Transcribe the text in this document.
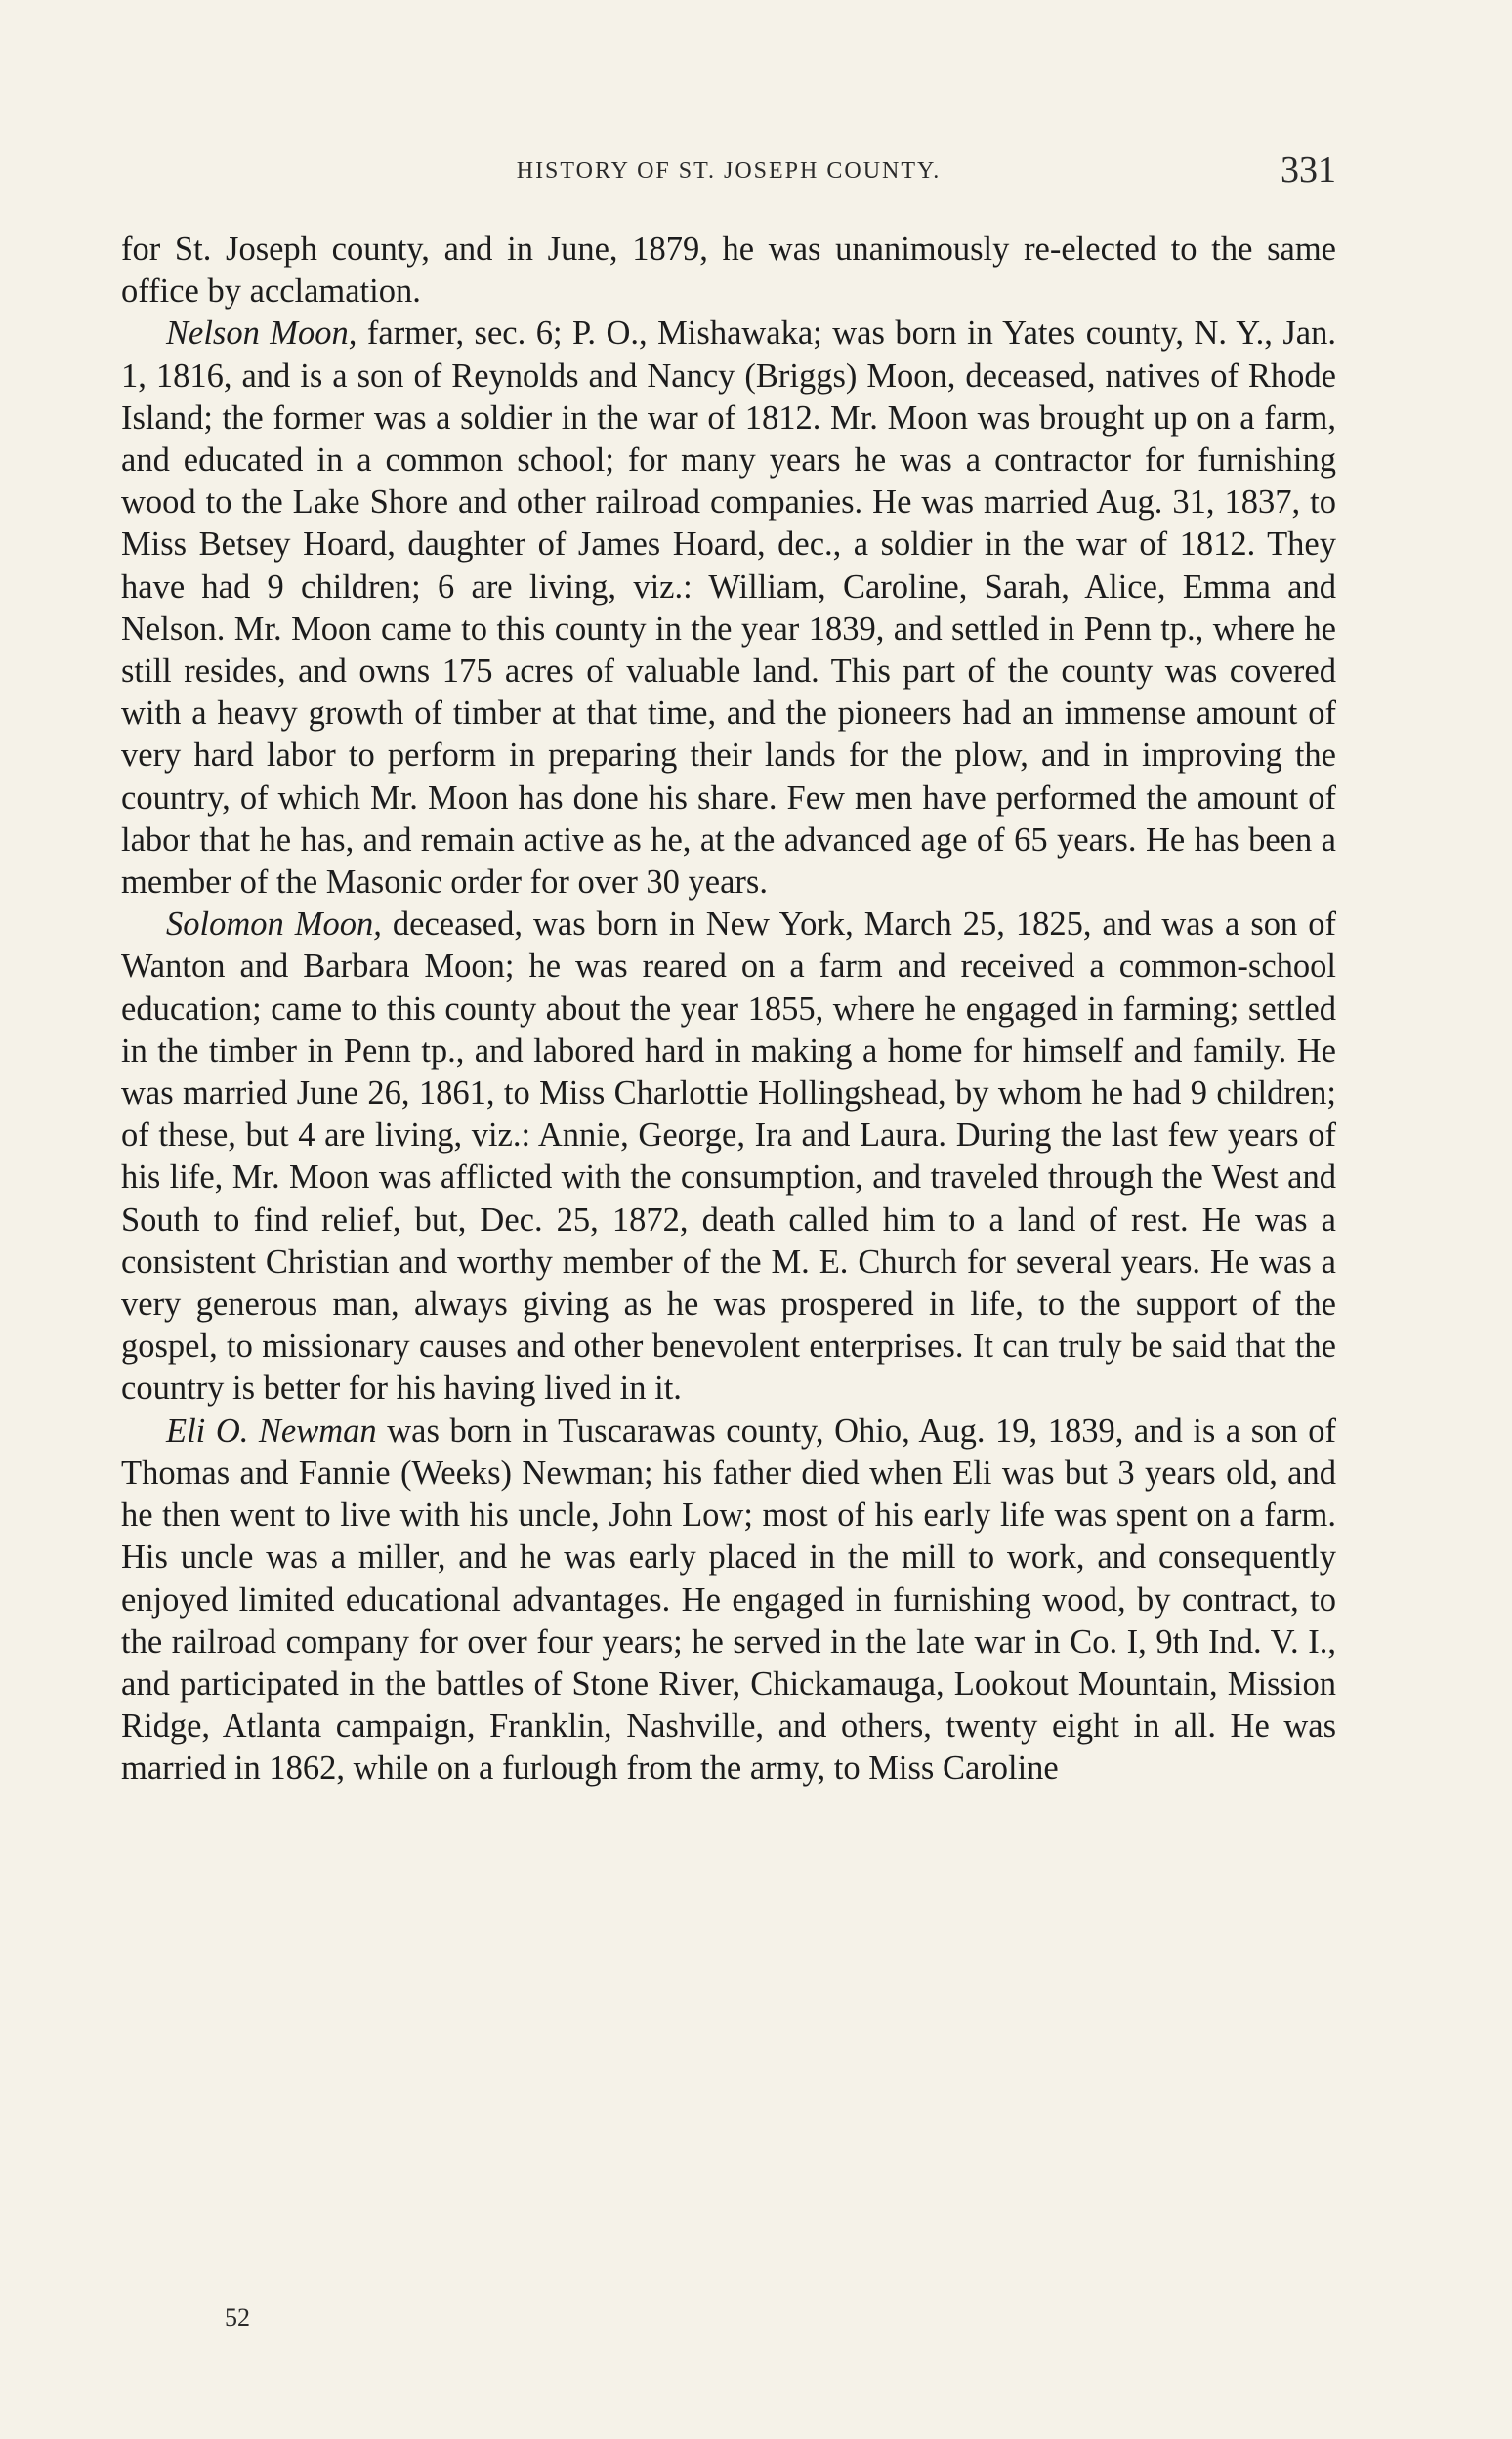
HISTORY OF ST. JOSEPH COUNTY.	331

for St. Joseph county, and in June, 1879, he was unanimously re-elected to the same office by acclamation.

Nelson Moon, farmer, sec. 6; P. O., Mishawaka; was born in Yates county, N. Y., Jan. 1, 1816, and is a son of Reynolds and Nancy (Briggs) Moon, deceased, natives of Rhode Island; the former was a soldier in the war of 1812. Mr. Moon was brought up on a farm, and educated in a common school; for many years he was a contractor for furnishing wood to the Lake Shore and other railroad companies. He was married Aug. 31, 1837, to Miss Betsey Hoard, daughter of James Hoard, dec., a soldier in the war of 1812. They have had 9 children; 6 are living, viz.: William, Caroline, Sarah, Alice, Emma and Nelson. Mr. Moon came to this county in the year 1839, and settled in Penn tp., where he still resides, and owns 175 acres of valuable land. This part of the county was covered with a heavy growth of timber at that time, and the pioneers had an immense amount of very hard labor to perform in preparing their lands for the plow, and in improving the country, of which Mr. Moon has done his share. Few men have performed the amount of labor that he has, and remain active as he, at the advanced age of 65 years. He has been a member of the Masonic order for over 30 years.

Solomon Moon, deceased, was born in New York, March 25, 1825, and was a son of Wanton and Barbara Moon; he was reared on a farm and received a common-school education; came to this county about the year 1855, where he engaged in farming; settled in the timber in Penn tp., and labored hard in making a home for himself and family. He was married June 26, 1861, to Miss Charlottie Hollingshead, by whom he had 9 children; of these, but 4 are living, viz.: Annie, George, Ira and Laura. During the last few years of his life, Mr. Moon was afflicted with the consumption, and traveled through the West and South to find relief, but, Dec. 25, 1872, death called him to a land of rest. He was a consistent Christian and worthy member of the M. E. Church for several years. He was a very generous man, always giving as he was prospered in life, to the support of the gospel, to missionary causes and other benevolent enterprises. It can truly be said that the country is better for his having lived in it.

Eli O. Newman was born in Tuscarawas county, Ohio, Aug. 19, 1839, and is a son of Thomas and Fannie (Weeks) Newman; his father died when Eli was but 3 years old, and he then went to live with his uncle, John Low; most of his early life was spent on a farm. His uncle was a miller, and he was early placed in the mill to work, and consequently enjoyed limited educational advantages. He engaged in furnishing wood, by contract, to the railroad company for over four years; he served in the late war in Co. I, 9th Ind. V. I., and participated in the battles of Stone River, Chickamauga, Lookout Mountain, Mission Ridge, Atlanta campaign, Franklin, Nashville, and others, twenty eight in all. He was married in 1862, while on a furlough from the army, to Miss Caroline

52
